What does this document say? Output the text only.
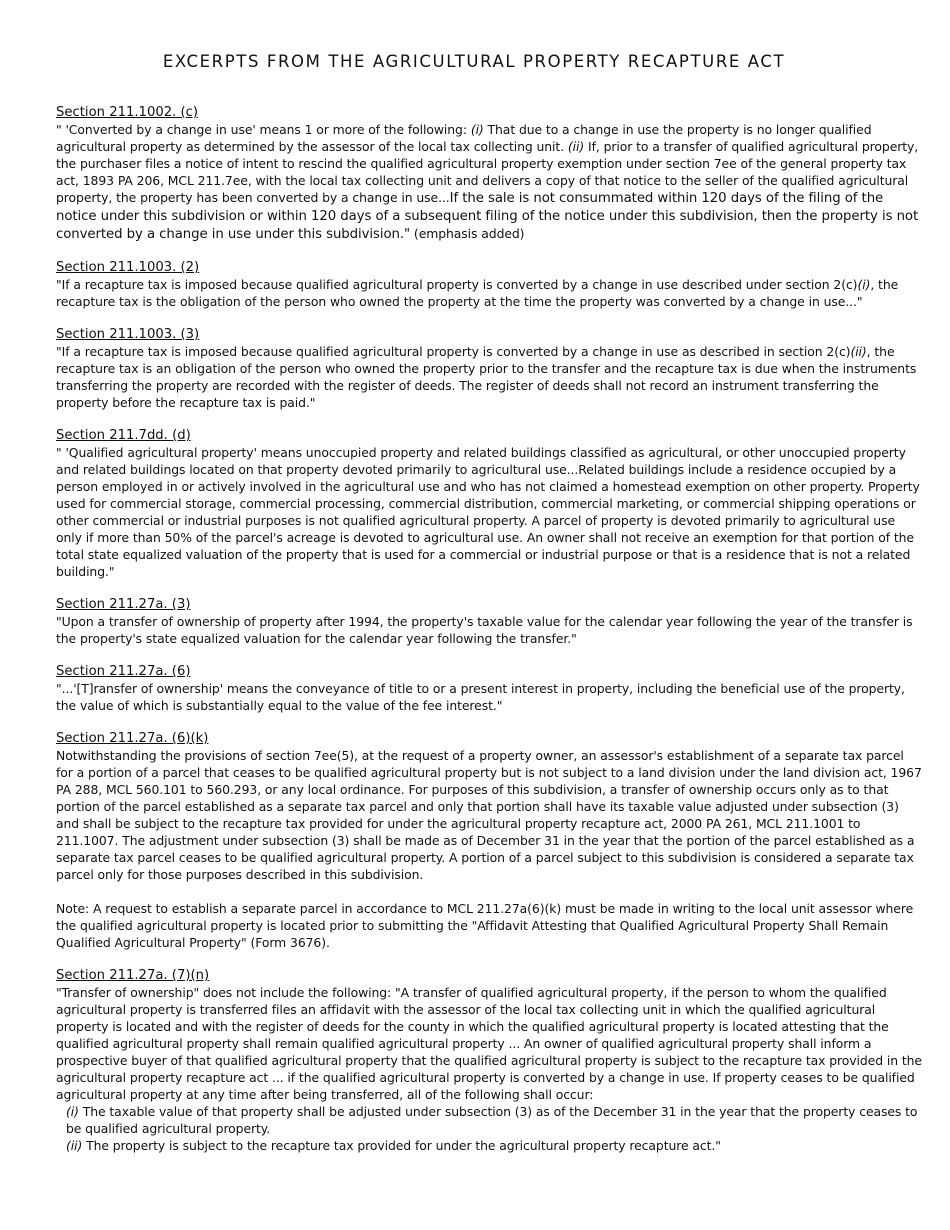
EXCERPTS FROM THE AGRICULTURAL PROPERTY RECAPTURE ACT
Section 211.1002. (c)

" 'Converted by a change in use' means 1 or more of the following: (i) That due to a change in use the property is no longer qualified agricultural property as determined by the assessor of the local tax collecting unit. (ii) If, prior to a transfer of qualified agricultural property, the purchaser files a notice of intent to rescind the qualified agricultural property exemption under section 7ee of the general property tax act, 1893 PA 206, MCL 211.7ee, with the local tax collecting unit and delivers a copy of that notice to the seller of the qualified agricultural property, the property has been converted by a change in use...If the sale is not consummated within 120 days of the filing of the notice under this subdivision or within 120 days of a subsequent filing of the notice under this subdivision, then the property is not converted by a change in use under this subdivision." (emphasis added)

Section 211.1003. (2)

"If a recapture tax is imposed because qualified agricultural property is converted by a change in use described under section 2(c)(i), the recapture tax is the obligation of the person who owned the property at the time the property was converted by a change in use..."

Section 211.1003. (3)

"If a recapture tax is imposed because qualified agricultural property is converted by a change in use as described in section 2(c)(ii), the recapture tax is an obligation of the person who owned the property prior to the transfer and the recapture tax is due when the instruments transferring the property are recorded with the register of deeds. The register of deeds shall not record an instrument transferring the property before the recapture tax is paid."

Section 211.7dd. (d)

" 'Qualified agricultural property' means unoccupied property and related buildings classified as agricultural, or other unoccupied property and related buildings located on that property devoted primarily to agricultural use...Related buildings include a residence occupied by a person employed in or actively involved in the agricultural use and who has not claimed a homestead exemption on other property. Property used for commercial storage, commercial processing, commercial distribution, commercial marketing, or commercial shipping operations or other commercial or industrial purposes is not qualified agricultural property. A parcel of property is devoted primarily to agricultural use only if more than 50% of the parcel's acreage is devoted to agricultural use. An owner shall not receive an exemption for that portion of the total state equalized valuation of the property that is used for a commercial or industrial purpose or that is a residence that is not a related building."

Section 211.27a. (3)

"Upon a transfer of ownership of property after 1994, the property's taxable value for the calendar year following the year of the transfer is the property's state equalized valuation for the calendar year following the transfer."

Section 211.27a. (6)

"...'[T]ransfer of ownership' means the conveyance of title to or a present interest in property, including the beneficial use of the property, the value of which is substantially equal to the value of the fee interest."

Section 211.27a. (6)(k)

Notwithstanding the provisions of section 7ee(5), at the request of a property owner, an assessor's establishment of a separate tax parcel for a portion of a parcel that ceases to be qualified agricultural property but is not subject to a land division under the land division act, 1967 PA 288, MCL 560.101 to 560.293, or any local ordinance. For purposes of this subdivision, a transfer of ownership occurs only as to that portion of the parcel established as a separate tax parcel and only that portion shall have its taxable value adjusted under subsection (3) and shall be subject to the recapture tax provided for under the agricultural property recapture act, 2000 PA 261, MCL 211.1001 to 211.1007. The adjustment under subsection (3) shall be made as of December 31 in the year that the portion of the parcel established as a separate tax parcel ceases to be qualified agricultural property. A portion of a parcel subject to this subdivision is considered a separate tax parcel only for those purposes described in this subdivision.

Note: A request to establish a separate parcel in accordance to MCL 211.27a(6)(k) must be made in writing to the local unit assessor where the qualified agricultural property is located prior to submitting the "Affidavit Attesting that Qualified Agricultural Property Shall Remain Qualified Agricultural Property" (Form 3676).

Section 211.27a. (7)(n)

"Transfer of ownership" does not include the following: "A transfer of qualified agricultural property, if the person to whom the qualified agricultural property is transferred files an affidavit with the assessor of the local tax collecting unit in which the qualified agricultural property is located and with the register of deeds for the county in which the qualified agricultural property is located attesting that the qualified agricultural property shall remain qualified agricultural property ... An owner of qualified agricultural property shall inform a prospective buyer of that qualified agricultural property that the qualified agricultural property is subject to the recapture tax provided in the agricultural property recapture act ... if the qualified agricultural property is converted by a change in use. If property ceases to be qualified agricultural property at any time after being transferred, all of the following shall occur:
(i) The taxable value of that property shall be adjusted under subsection (3) as of the December 31 in the year that the property ceases to be qualified agricultural property.
(ii) The property is subject to the recapture tax provided for under the agricultural property recapture act."
